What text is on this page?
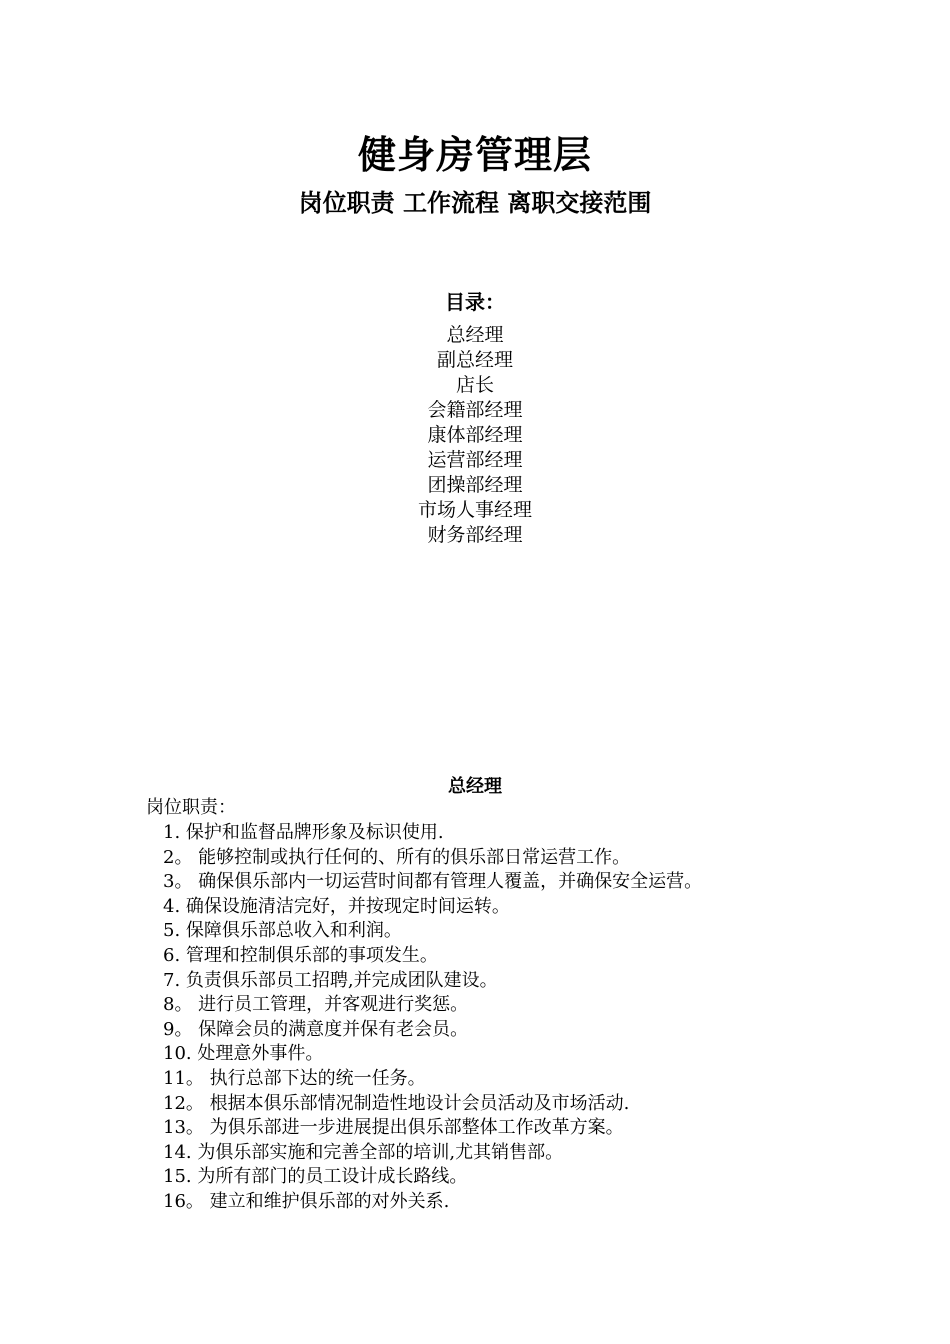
健身房管理层
岗位职责 工作流程 离职交接范围
目录：
总经理
副总经理
店长
会籍部经理
康体部经理
运营部经理
团操部经理
市场人事经理
财务部经理
总经理
岗位职责：
1. 保护和监督品牌形象及标识使用.
2。 能够控制或执行任何的、所有的俱乐部日常运营工作。
3。 确保俱乐部内一切运营时间都有管理人覆盖，并确保安全运营。
4. 确保设施清洁完好，并按现定时间运转。
5. 保障俱乐部总收入和利润。
6. 管理和控制俱乐部的事项发生。
7. 负责俱乐部员工招聘,并完成团队建设。
8。 进行员工管理，并客观进行奖惩。
9。 保障会员的满意度并保有老会员。
10. 处理意外事件。
11。 执行总部下达的统一任务。
12。 根据本俱乐部情况制造性地设计会员活动及市场活动.
13。 为俱乐部进一步进展提出俱乐部整体工作改革方案。
14. 为俱乐部实施和完善全部的培训,尤其销售部。
15. 为所有部门的员工设计成长路线。
16。 建立和维护俱乐部的对外关系.
